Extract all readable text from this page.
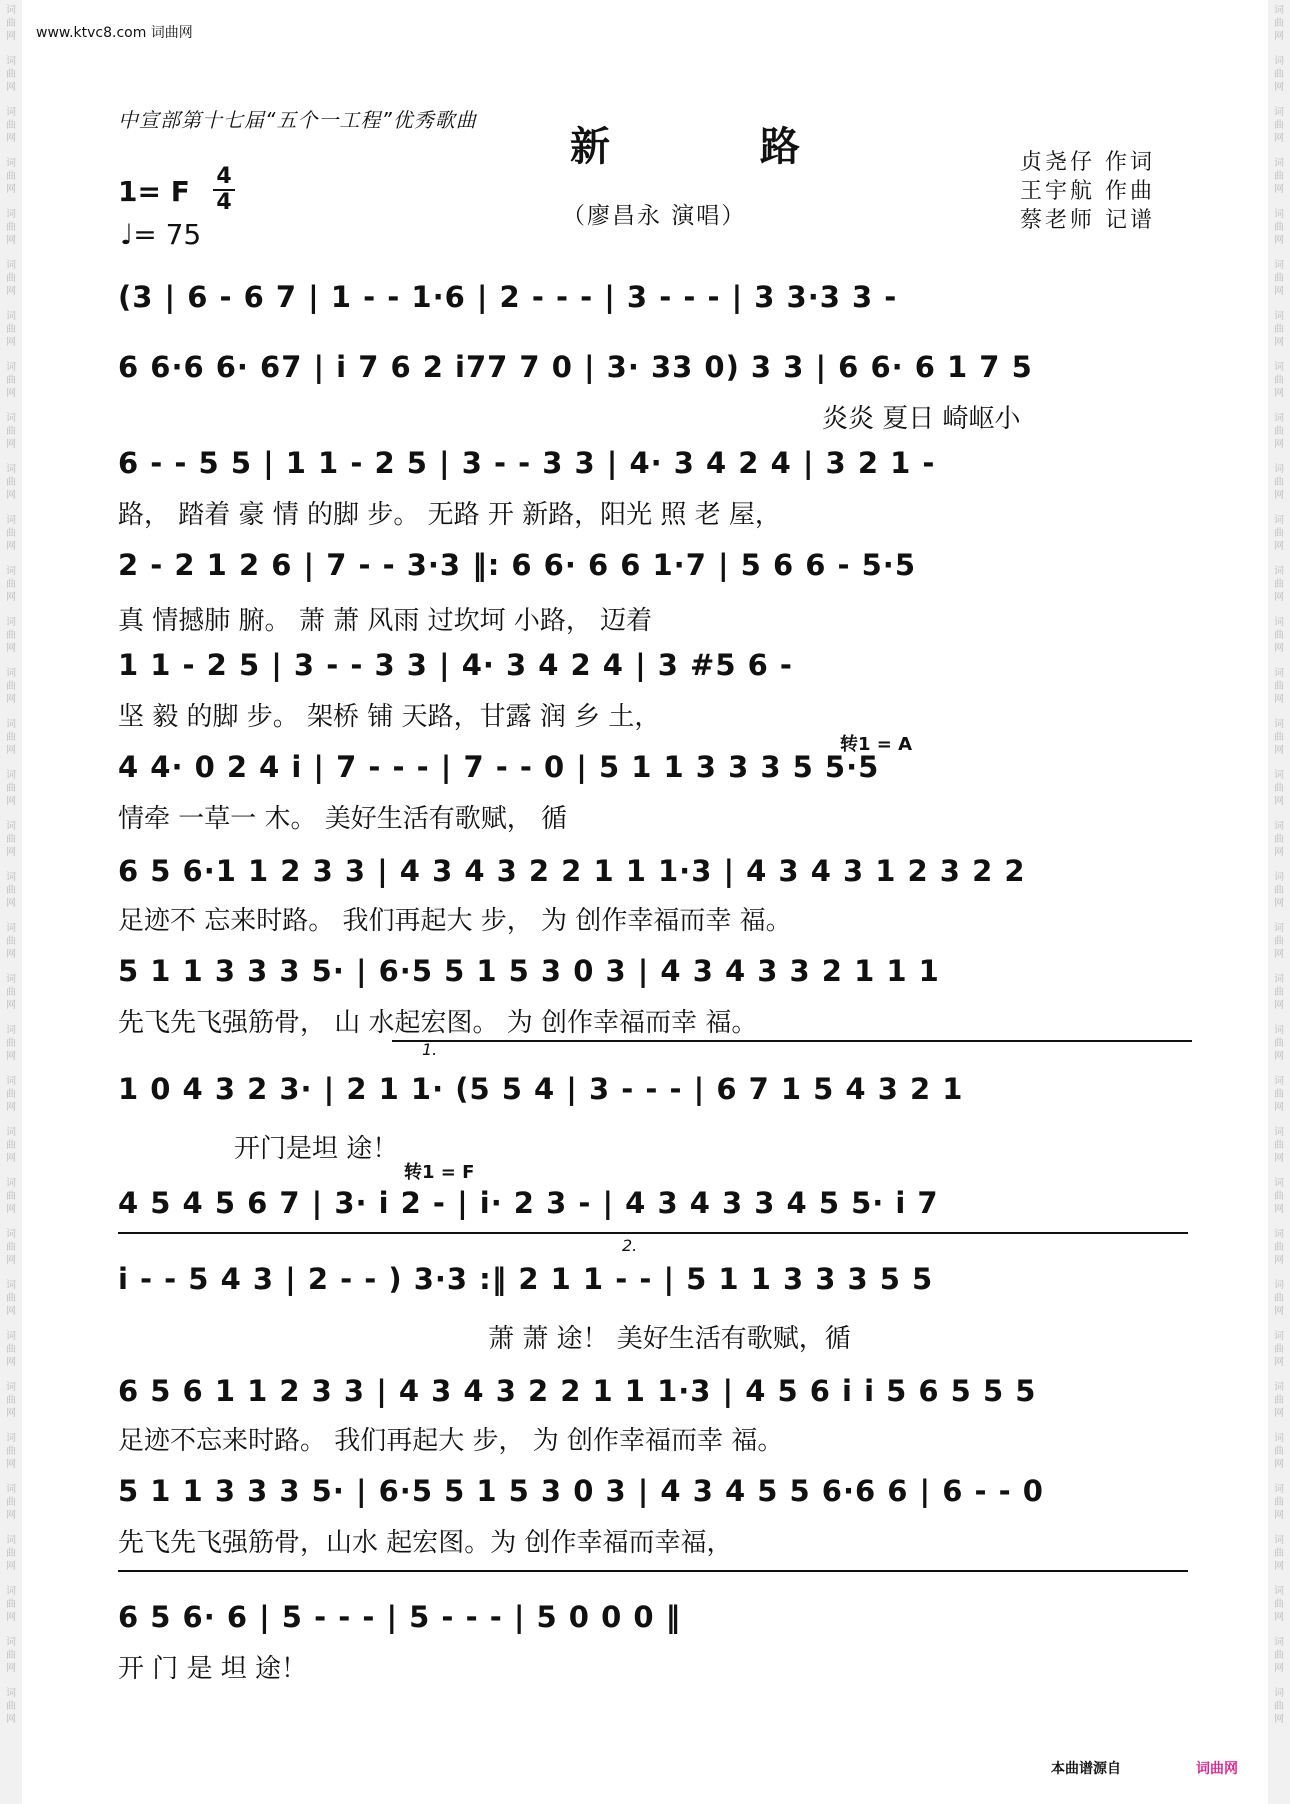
www.ktvc8.com 词曲网
中宣部第十七届“五个一工程”优秀歌曲
新 路
1= F 4
4
♩= 75
（廖昌永 演唱）
贞尧仔 作词
王宇航 作曲
蔡老师 记谱
(3 | 6 - 6 7 | 1 - - 1·6 | 2 - - - | 3 - - - | 3 3·3 3 -
6 6·6 6· 67 | i 7 6 2 i77 7 0 | 3· 33 0) 3 3 | 6 6· 6 1 7 5
炎炎 夏日 崎岖小
6 - - 5 5 | 1 1 - 2 5 | 3 - - 3 3 | 4· 3 4 2 4 | 3 2 1 -
路， 踏着 豪 情 的脚 步。 无路 开 新路，阳光 照 老 屋，
2 - 2 1 2 6 | 7 - - 3·3 ‖: 6 6· 6 6 1·7 | 5 6 6 - 5·5
真 情撼肺 腑。 萧 萧 风雨 过坎坷 小路， 迈着
1 1 - 2 5 | 3 - - 3 3 | 4· 3 4 2 4 | 3 #5 6 -
坚 毅 的脚 步。 架桥 铺 天路，甘露 润 乡 土，
转1 = A
4 4· 0 2 4 i | 7 - - - | 7 - - 0 | 5 1 1 3 3 3 5 5·5
情牵 一草一 木。 美好生活有歌赋， 循
6 5 6·1 1 2 3 3 | 4 3 4 3 2 2 1 1 1·3 | 4 3 4 3 1 2 3 2 2
足迹不 忘来时路。 我们再起大 步， 为 创作幸福而幸 福。
5 1 1 3 3 3 5· | 6·5 5 1 5 3 0 3 | 4 3 4 3 3 2 1 1 1
先飞先飞强筋骨， 山 水起宏图。 为 创作幸福而幸 福。
1.
1 0 4 3 2 3· | 2 1 1· (5 5 4 | 3 - - - | 6 7 1 5 4 3 2 1
开门是坦 途！
转1 = F
4 5 4 5 6 7 | 3· i 2 - | i· 2 3 - | 4 3 4 3 3 4 5 5· i 7
2.
i - - 5 4 3 | 2 - - ) 3·3 :‖ 2 1 1 - - | 5 1 1 3 3 3 5 5
萧 萧 途！ 美好生活有歌赋，循
6 5 6 1 1 2 3 3 | 4 3 4 3 2 2 1 1 1·3 | 4 5 6 i i 5 6 5 5 5
足迹不忘来时路。 我们再起大 步， 为 创作幸福而幸 福。
5 1 1 3 3 3 5· | 6·5 5 1 5 3 0 3 | 4 3 4 5 5 6·6 6 | 6 - - 0
先飞先飞强筋骨，山水 起宏图。为 创作幸福而幸福，
6 5 6· 6 | 5 - - - | 5 - - - | 5 0 0 0 ‖
开 门 是 坦 途！
本曲谱源自	词曲网
词
曲
网
词
曲
网
词
曲
网
词
曲
网
词
曲
网
词
曲
网
词
曲
网
词
曲
网
词
曲
网
词
曲
网
词
曲
网
词
曲
网
词
曲
网
词
曲
网
词
曲
网
词
曲
网
词
曲
网
词
曲
网
词
曲
网
词
曲
网
词
曲
网
词
曲
网
词
曲
网
词
曲
网
词
曲
网
词
曲
网
词
曲
网
词
曲
网
词
曲
网
词
曲
网
词
曲
网
词
曲
网
词
曲
网
词
曲
网
词
曲
网
词
曲
网
词
曲
网
词
曲
网
词
曲
网
词
曲
网
词
曲
网
词
曲
网
词
曲
网
词
曲
网
词
曲
网
词
曲
网
词
曲
网
词
曲
网
词
曲
网
词
曲
网
词
曲
网
词
曲
网
词
曲
网
词
曲
网
词
曲
网
词
曲
网
词
曲
网
词
曲
网
词
曲
网
词
曲
网
词
曲
网
词
曲
网
词
曲
网
词
曲
网
词
曲
网
词
曲
网
词
曲
网
词
曲
网
